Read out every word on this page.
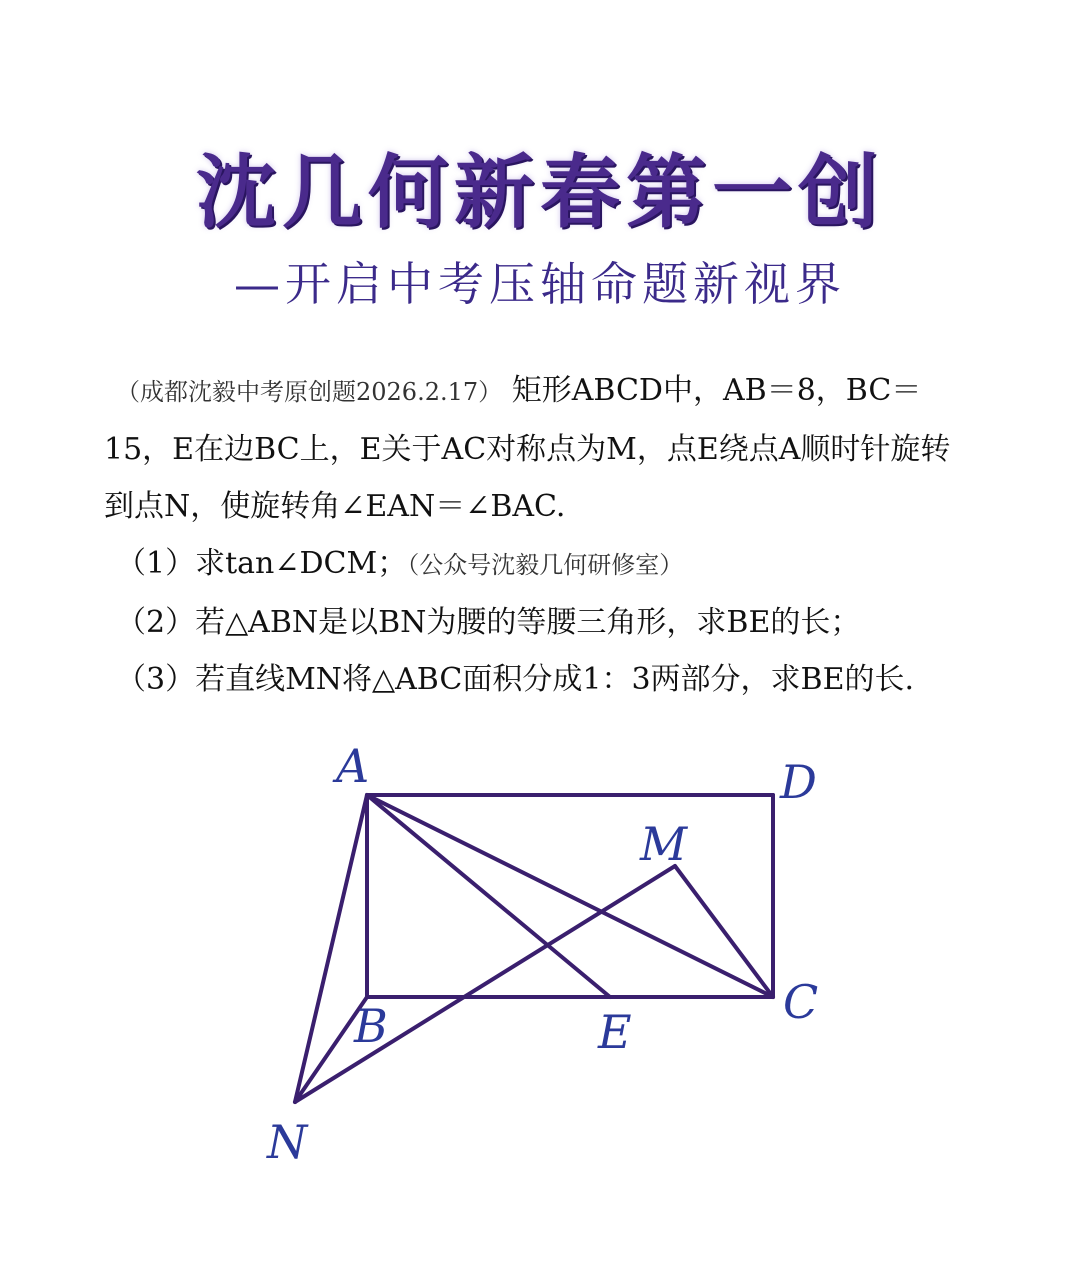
沈几何新春第一创
—开启中考压轴命题新视界

（成都沈毅中考原创题2026.2.17） 矩形ABCD中，AB＝8，BC＝15，E在边BC上，E关于AC对称点为M，点E绕点A顺时针旋转到点N，使旋转角∠EAN＝∠BAC.

（1）求tan∠DCM；（公众号沈毅几何研修室）

（2）若△ABN是以BN为腰的等腰三角形，求BE的长；

（3）若直线MN将△ABC面积分成1：3两部分，求BE的长.

A	D
M
C
B	E
N
